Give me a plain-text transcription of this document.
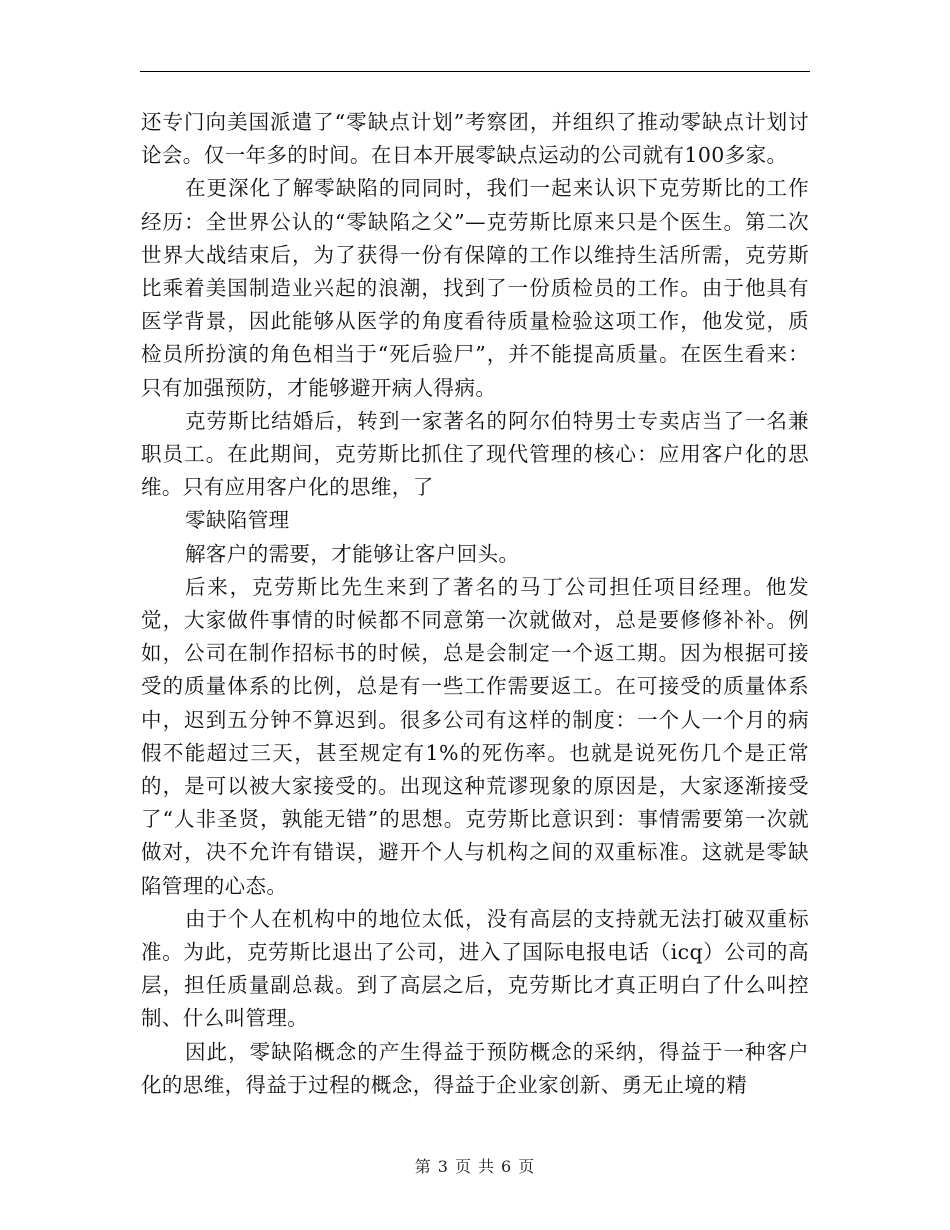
还专门向美国派遣了“零缺点计划”考察团，并组织了推动零缺点计划讨论会。仅一年多的时间。在日本开展零缺点运动的公司就有100多家。

在更深化了解零缺陷的同同时，我们一起来认识下克劳斯比的工作经历：全世界公认的“零缺陷之父”—克劳斯比原来只是个医生。第二次世界大战结束后，为了获得一份有保障的工作以维持生活所需，克劳斯比乘着美国制造业兴起的浪潮，找到了一份质检员的工作。由于他具有医学背景，因此能够从医学的角度看待质量检验这项工作，他发觉，质检员所扮演的角色相当于“死后验尸”，并不能提高质量。在医生看来：只有加强预防，才能够避开病人得病。

克劳斯比结婚后，转到一家著名的阿尔伯特男士专卖店当了一名兼职员工。在此期间，克劳斯比抓住了现代管理的核心：应用客户化的思维。只有应用客户化的思维，了

零缺陷管理

解客户的需要，才能够让客户回头。

后来，克劳斯比先生来到了著名的马丁公司担任项目经理。他发觉，大家做件事情的时候都不同意第一次就做对，总是要修修补补。例如，公司在制作招标书的时候，总是会制定一个返工期。因为根据可接受的质量体系的比例，总是有一些工作需要返工。在可接受的质量体系中，迟到五分钟不算迟到。很多公司有这样的制度：一个人一个月的病假不能超过三天，甚至规定有1%的死伤率。也就是说死伤几个是正常的，是可以被大家接受的。出现这种荒谬现象的原因是，大家逐渐接受了“人非圣贤，孰能无错”的思想。克劳斯比意识到：事情需要第一次就做对，决不允许有错误，避开个人与机构之间的双重标准。这就是零缺陷管理的心态。

由于个人在机构中的地位太低，没有高层的支持就无法打破双重标准。为此，克劳斯比退出了公司，进入了国际电报电话（icq）公司的高层，担任质量副总裁。到了高层之后，克劳斯比才真正明白了什么叫控制、什么叫管理。

因此，零缺陷概念的产生得益于预防概念的采纳，得益于一种客户化的思维，得益于过程的概念，得益于企业家创新、勇无止境的精

第 3 页 共 6 页
